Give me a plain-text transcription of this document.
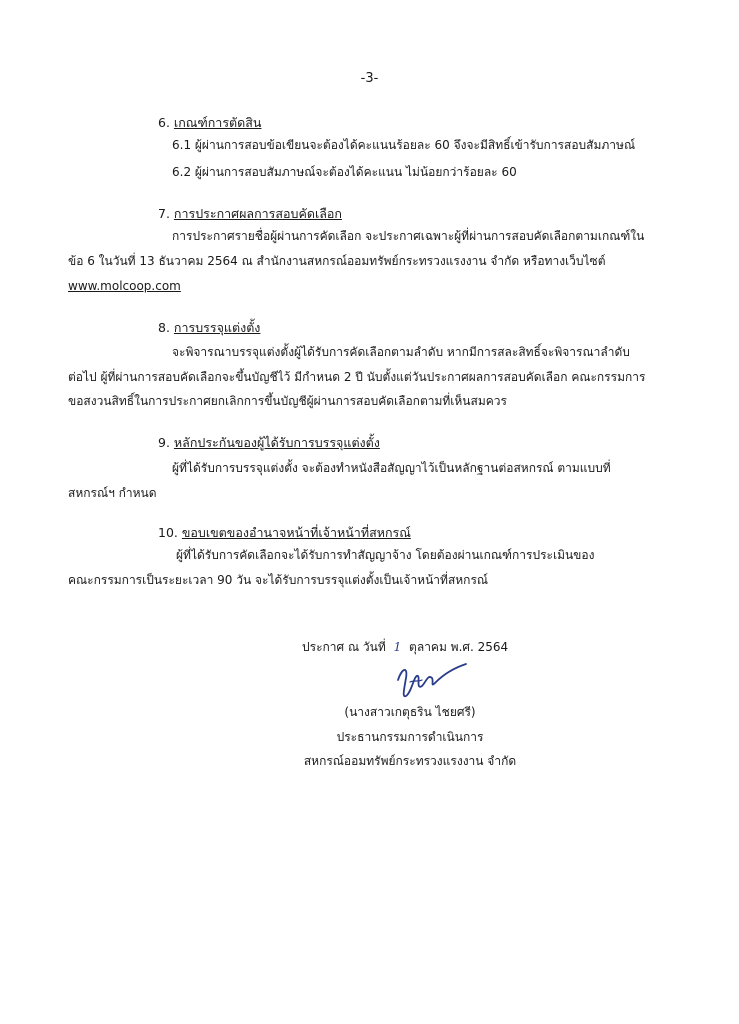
-3-
6. เกณฑ์การตัดสิน
6.1 ผู้ผ่านการสอบข้อเขียนจะต้องได้คะแนนร้อยละ 60 จึงจะมีสิทธิ์เข้ารับการสอบสัมภาษณ์
6.2 ผู้ผ่านการสอบสัมภาษณ์จะต้องได้คะแนน ไม่น้อยกว่าร้อยละ 60
7. การประกาศผลการสอบคัดเลือก
การประกาศรายชื่อผู้ผ่านการคัดเลือก จะประกาศเฉพาะผู้ที่ผ่านการสอบคัดเลือกตามเกณฑ์ใน
ข้อ 6 ในวันที่ 13 ธันวาคม 2564 ณ สำนักงานสหกรณ์ออมทรัพย์กระทรวงแรงงาน จำกัด หรือทางเว็บไซต์
www.molcoop.com
8. การบรรจุแต่งตั้ง
จะพิจารณาบรรจุแต่งตั้งผู้ได้รับการคัดเลือกตามลำดับ หากมีการสละสิทธิ์จะพิจารณาลำดับ
ต่อไป ผู้ที่ผ่านการสอบคัดเลือกจะขึ้นบัญชีไว้ มีกำหนด 2 ปี นับตั้งแต่วันประกาศผลการสอบคัดเลือก คณะกรรมการ
ขอสงวนสิทธิ์ในการประกาศยกเลิกการขึ้นบัญชีผู้ผ่านการสอบคัดเลือกตามที่เห็นสมควร
9. หลักประกันของผู้ได้รับการบรรจุแต่งตั้ง
ผู้ที่ได้รับการบรรจุแต่งตั้ง จะต้องทำหนังสือสัญญาไว้เป็นหลักฐานต่อสหกรณ์ ตามแบบที่
สหกรณ์ฯ กำหนด
10. ขอบเขตของอำนาจหน้าที่เจ้าหน้าที่สหกรณ์
ผู้ที่ได้รับการคัดเลือกจะได้รับการทำสัญญาจ้าง โดยต้องผ่านเกณฑ์การประเมินของ
คณะกรรมการเป็นระยะเวลา 90 วัน จะได้รับการบรรจุแต่งตั้งเป็นเจ้าหน้าที่สหกรณ์
ประกาศ ณ วันที่ 1 ตุลาคม พ.ศ. 2564
(นางสาวเกตุธริน ไชยศรี)
ประธานกรรมการดำเนินการ
สหกรณ์ออมทรัพย์กระทรวงแรงงาน จำกัด
